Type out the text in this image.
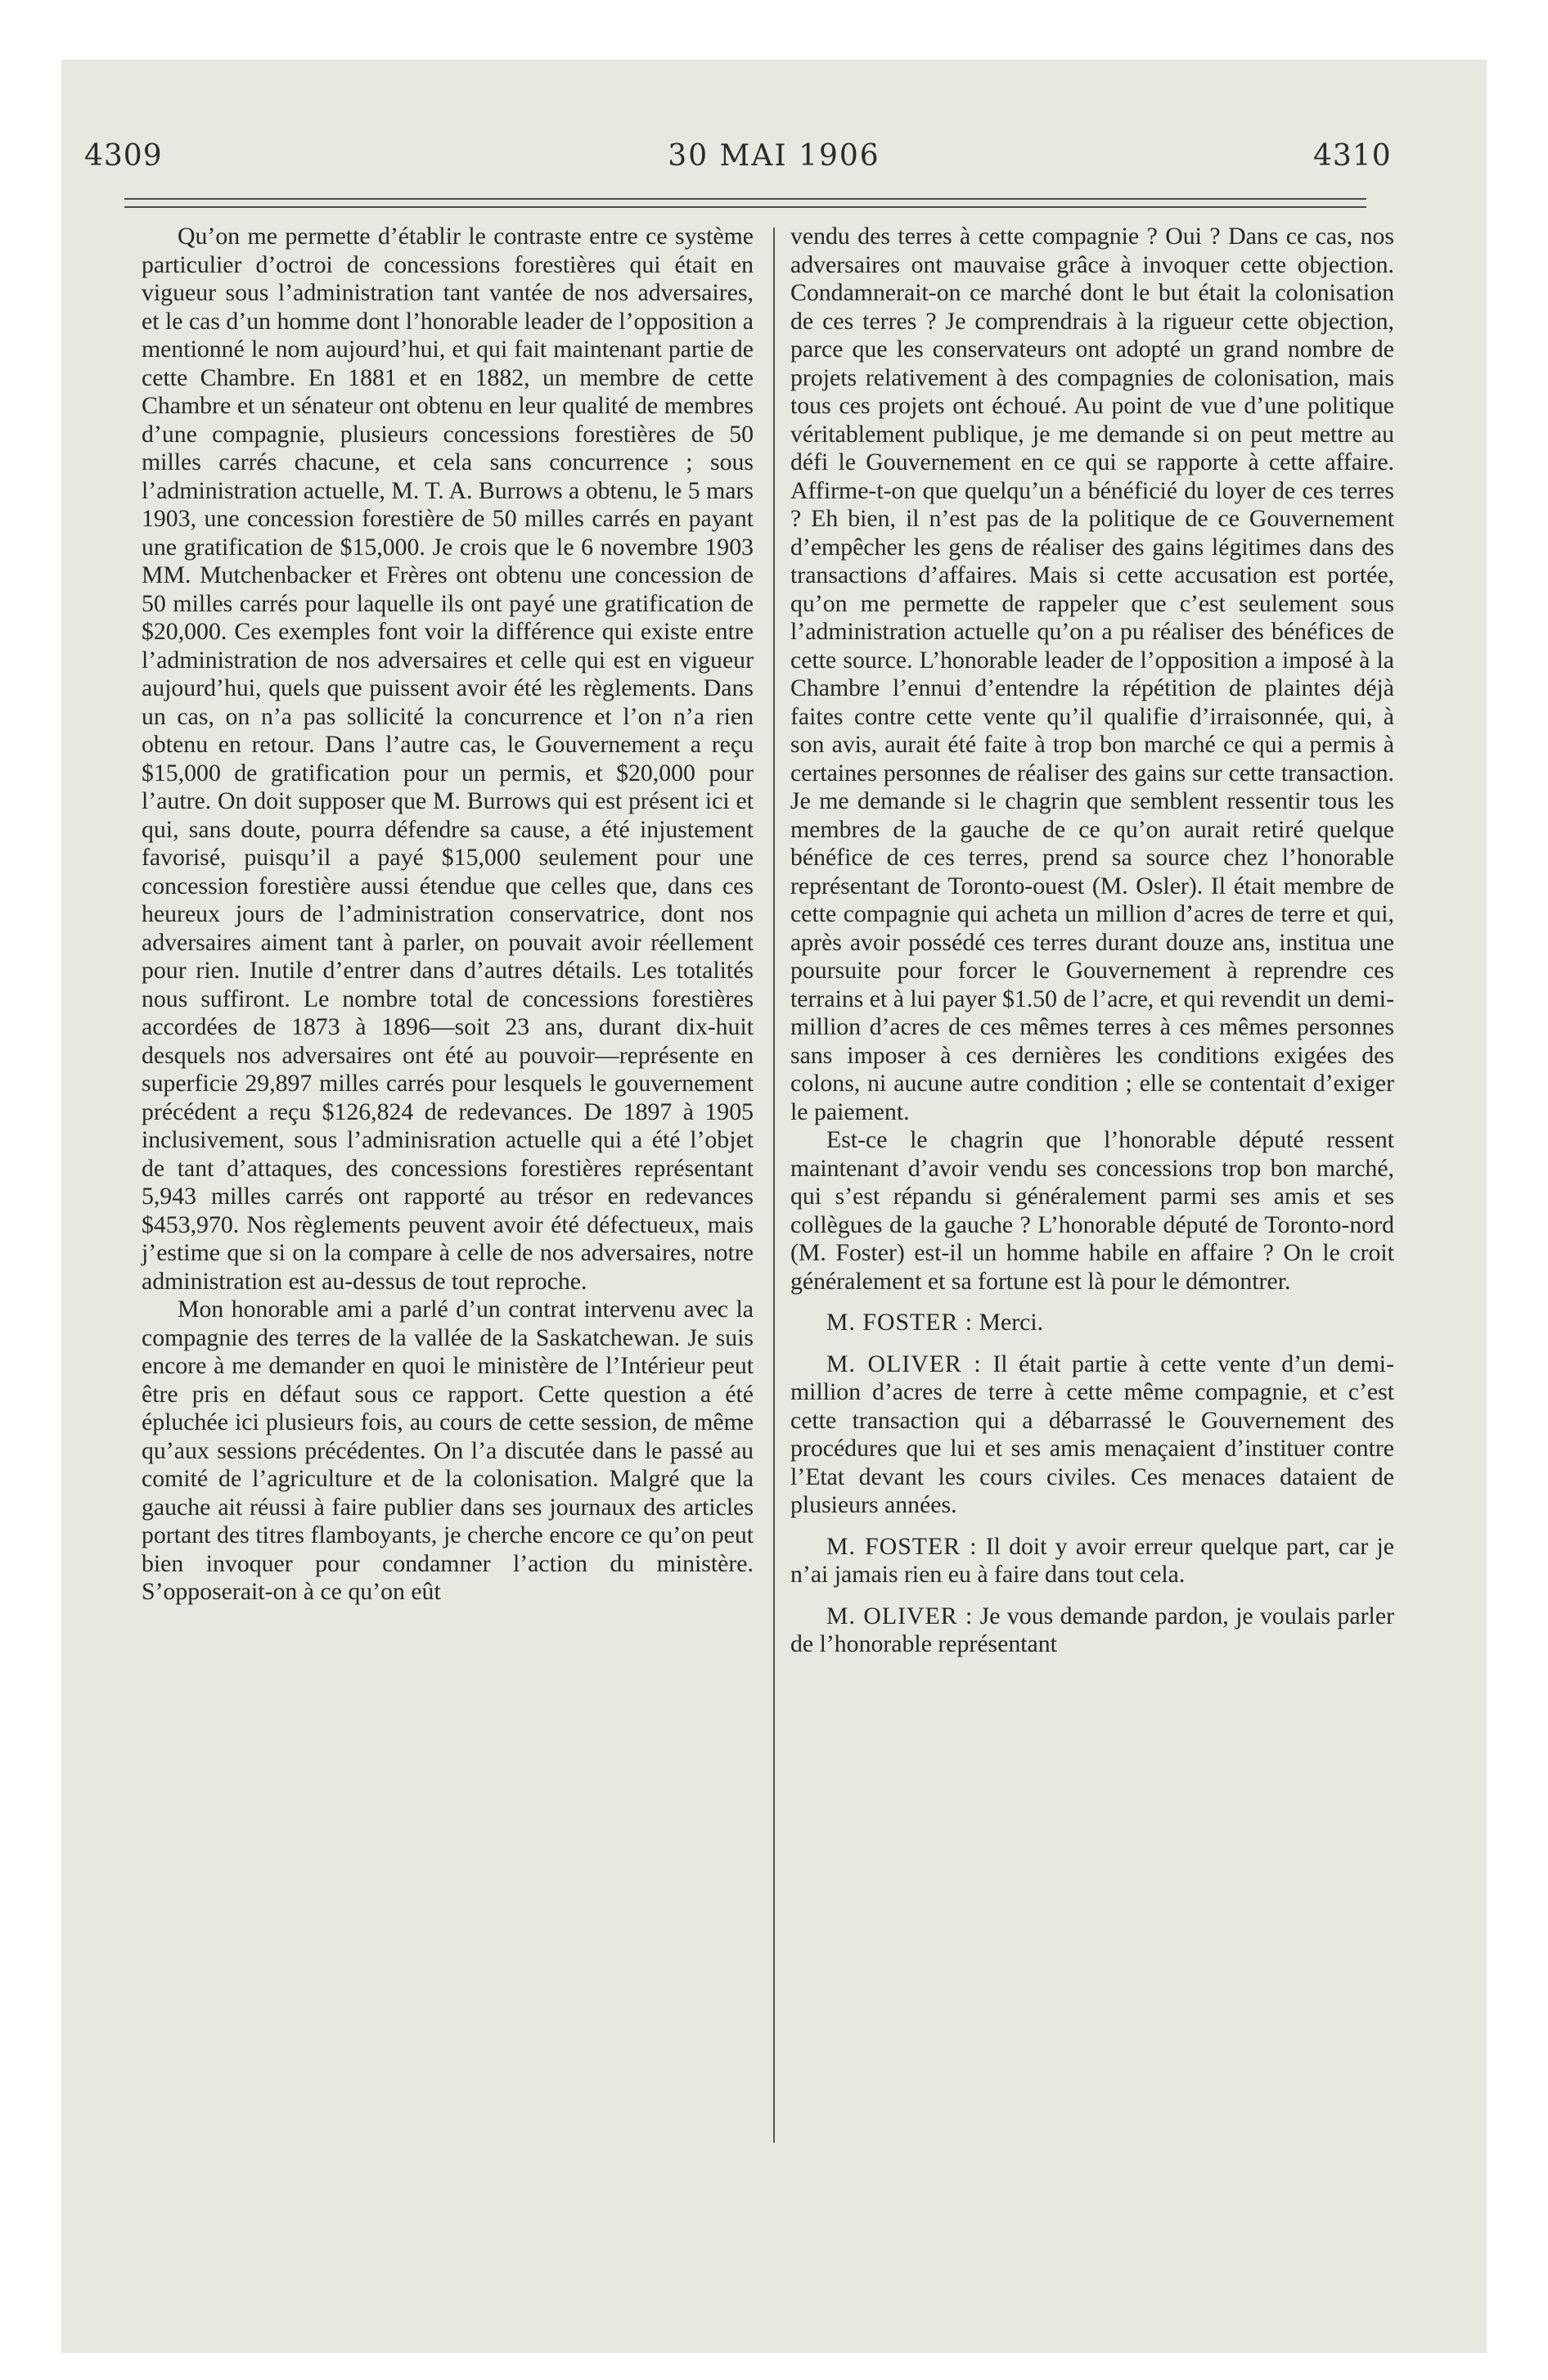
4309	30 MAI 1906	4310

Qu’on me permette d’établir le contraste entre ce système particulier d’octroi de concessions forestières qui était en vigueur sous l’administration tant vantée de nos adversaires, et le cas d’un homme dont l’honorable leader de l’opposition a mentionné le nom aujourd’hui, et qui fait maintenant partie de cette Chambre. En 1881 et en 1882, un membre de cette Chambre et un sénateur ont obtenu en leur qualité de membres d’une compagnie, plusieurs concessions forestières de 50 milles carrés chacune, et cela sans concurrence ; sous l’administration actuelle, M. T. A. Burrows a obtenu, le 5 mars 1903, une concession forestière de 50 milles carrés en payant une gratification de $15,000. Je crois que le 6 novembre 1903 MM. Mutchenbacker et Frères ont obtenu une concession de 50 milles carrés pour laquelle ils ont payé une gratification de $20,000. Ces exemples font voir la différence qui existe entre l’administration de nos adversaires et celle qui est en vigueur aujourd’hui, quels que puissent avoir été les règlements. Dans un cas, on n’a pas sollicité la concurrence et l’on n’a rien obtenu en retour. Dans l’autre cas, le Gouvernement a reçu $15,000 de gratification pour un permis, et $20,000 pour l’autre. On doit supposer que M. Burrows qui est présent ici et qui, sans doute, pourra défendre sa cause, a été injustement favorisé, puisqu’il a payé $15,000 seulement pour une concession forestière aussi étendue que celles que, dans ces heureux jours de l’administration conservatrice, dont nos adversaires aiment tant à parler, on pouvait avoir réellement pour rien. Inutile d’entrer dans d’autres détails. Les totalités nous suffiront. Le nombre total de concessions forestières accordées de 1873 à 1896—soit 23 ans, durant dix-huit desquels nos adversaires ont été au pouvoir—représente en superficie 29,897 milles carrés pour lesquels le gouvernement précédent a reçu $126,824 de redevances. De 1897 à 1905 inclusivement, sous l’adminisration actuelle qui a été l’objet de tant d’attaques, des concessions forestières représentant 5,943 milles carrés ont rapporté au trésor en redevances $453,970. Nos règlements peuvent avoir été défectueux, mais j’estime que si on la compare à celle de nos adversaires, notre administration est au-dessus de tout reproche.

Mon honorable ami a parlé d’un contrat intervenu avec la compagnie des terres de la vallée de la Saskatchewan. Je suis encore à me demander en quoi le ministère de l’Intérieur peut être pris en défaut sous ce rapport. Cette question a été épluchée ici plusieurs fois, au cours de cette session, de même qu’aux sessions précédentes. On l’a discutée dans le passé au comité de l’agriculture et de la colonisation. Malgré que la gauche ait réussi à faire publier dans ses journaux des articles portant des titres flamboyants, je cherche encore ce qu’on peut bien invoquer pour condamner l’action du ministère. S’opposerait-on à ce qu’on eût

vendu des terres à cette compagnie ? Oui ? Dans ce cas, nos adversaires ont mauvaise grâce à invoquer cette objection. Condamnerait-on ce marché dont le but était la colonisation de ces terres ? Je comprendrais à la rigueur cette objection, parce que les conservateurs ont adopté un grand nombre de projets relativement à des compagnies de colonisation, mais tous ces projets ont échoué. Au point de vue d’une politique véritablement publique, je me demande si on peut mettre au défi le Gouvernement en ce qui se rapporte à cette affaire. Affirme-t-on que quelqu’un a bénéficié du loyer de ces terres ? Eh bien, il n’est pas de la politique de ce Gouvernement d’empêcher les gens de réaliser des gains légitimes dans des transactions d’affaires. Mais si cette accusation est portée, qu’on me permette de rappeler que c’est seulement sous l’administration actuelle qu’on a pu réaliser des bénéfices de cette source. L’honorable leader de l’opposition a imposé à la Chambre l’ennui d’entendre la répétition de plaintes déjà faites contre cette vente qu’il qualifie d’irraisonnée, qui, à son avis, aurait été faite à trop bon marché ce qui a permis à certaines personnes de réaliser des gains sur cette transaction. Je me demande si le chagrin que semblent ressentir tous les membres de la gauche de ce qu’on aurait retiré quelque bénéfice de ces terres, prend sa source chez l’honorable représentant de Toronto-ouest (M. Osler). Il était membre de cette compagnie qui acheta un million d’acres de terre et qui, après avoir possédé ces terres durant douze ans, institua une poursuite pour forcer le Gouvernement à reprendre ces terrains et à lui payer $1.50 de l’acre, et qui revendit un demi-million d’acres de ces mêmes terres à ces mêmes personnes sans imposer à ces dernières les conditions exigées des colons, ni aucune autre condition ; elle se contentait d’exiger le paiement.

Est-ce le chagrin que l’honorable député ressent maintenant d’avoir vendu ses concessions trop bon marché, qui s’est répandu si généralement parmi ses amis et ses collègues de la gauche ? L’honorable député de Toronto-nord (M. Foster) est-il un homme habile en affaire ? On le croit généralement et sa fortune est là pour le démontrer.

M. FOSTER : Merci.

M. OLIVER : Il était partie à cette vente d’un demi-million d’acres de terre à cette même compagnie, et c’est cette transaction qui a débarrassé le Gouvernement des procédures que lui et ses amis menaçaient d’instituer contre l’Etat devant les cours civiles. Ces menaces dataient de plusieurs années.

M. FOSTER : Il doit y avoir erreur quelque part, car je n’ai jamais rien eu à faire dans tout cela.

M. OLIVER : Je vous demande pardon, je voulais parler de l’honorable représentant
